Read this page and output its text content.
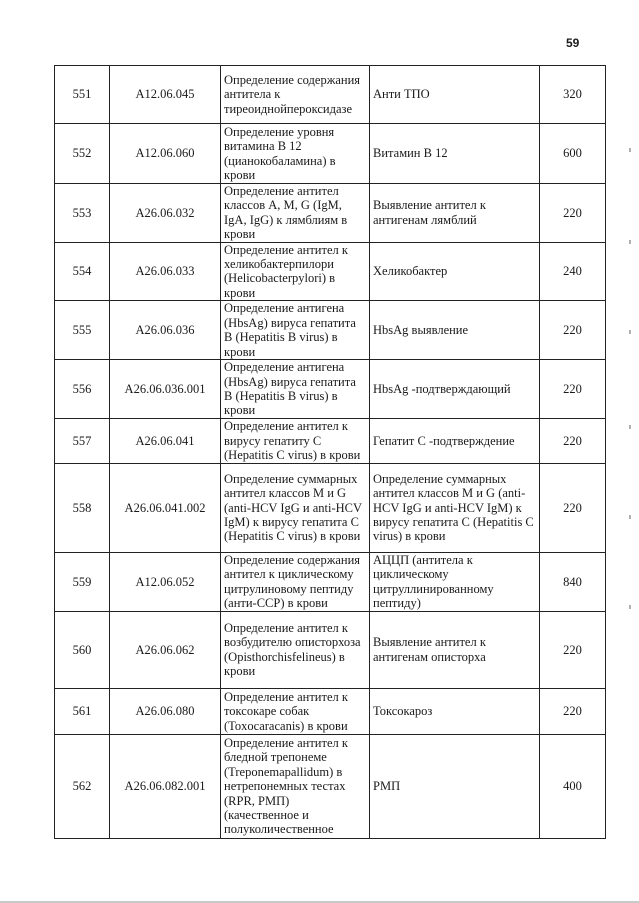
59
551	A12.06.045	Определение содержания антитела к тиреоиднойпероксидазе	Анти ТПО	320
552	A12.06.060	Определение уровня витамина В 12 (цианокобаламина) в крови	Витамин В 12	600
553	A26.06.032	Определение антител классов A, M, G (IgM, IgA, IgG) к лямблиям в крови	Выявление антител к антигенам лямблий	220
554	A26.06.033	Определение антител к хеликобактерпилори (Helicobacterpylori) в крови	Хеликобактер	240
555	A26.06.036	Определение антигена (HbsAg) вируса гепатита В (Hepatitis B virus) в крови	HbsAg выявление	220
556	A26.06.036.001	Определение антигена (HbsAg) вируса гепатита В (Hepatitis B virus) в крови	HbsAg -подтверждающий	220
557	A26.06.041	Определение антител к вирусу гепатиту С (Hepatitis C virus) в крови	Гепатит С -подтверждение	220
558	A26.06.041.002	Определение суммарных антител классов М и G (anti-HCV IgG и anti-HCV IgM) к вирусу гепатита С (Hepatitis C virus) в крови	Определение суммарных антител классов М и G (anti-HCV IgG и anti-HCV IgM) к вирусу гепатита С (Hepatitis C virus) в крови	220
559	A12.06.052	Определение содержания антител к циклическому цитрулиновому пептиду (анти-ССР) в крови	АЦЦП (антитела к циклическому цитруллинированному пептиду)	840
560	A26.06.062	Определение антител к возбудителю описторхоза (Opisthorchisfelineus) в крови	Выявление антител к антигенам описторха	220
561	A26.06.080	Определение антител к токсокаре собак (Toxocaracanis) в крови	Токсокароз	220
562	A26.06.082.001	Определение антител к бледной трепонеме (Treponemapallidum) в нетрепонемных тестах (RPR, РМП) (качественное и полуколичественное	РМП	400
